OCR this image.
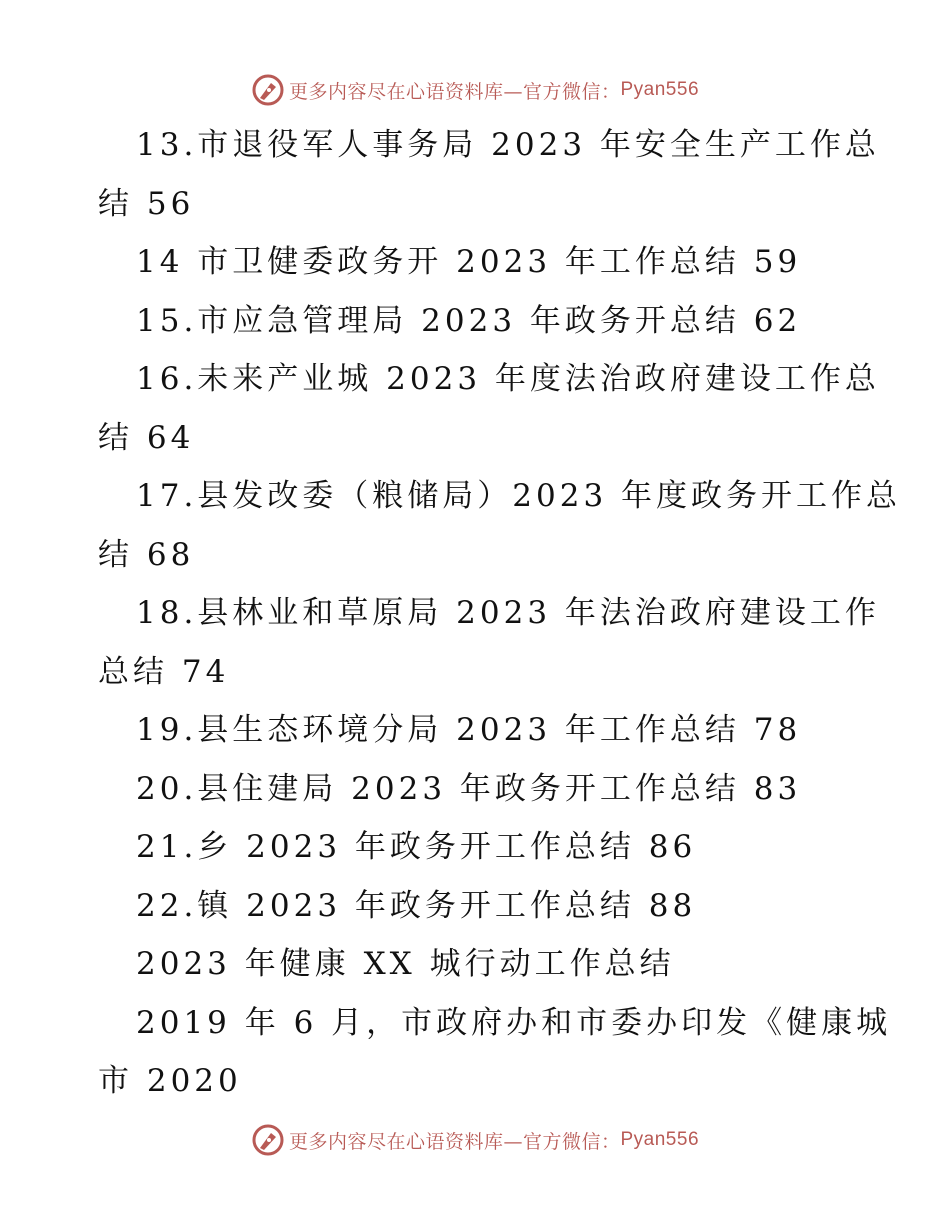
更多内容尽在心语资料库—官方微信： Pyan556
13.市退役军人事务局 2023 年安全生产工作总
结 56
14 市卫健委政务开 2023 年工作总结 59
15.市应急管理局 2023 年政务开总结 62
16.未来产业城 2023 年度法治政府建设工作总
结 64
17.县发改委（粮储局）2023 年度政务开工作总
结 68
18.县林业和草原局 2023 年法治政府建设工作
总结 74
19.县生态环境分局 2023 年工作总结 78
20.县住建局 2023 年政务开工作总结 83
21.乡 2023 年政务开工作总结 86
22.镇 2023 年政务开工作总结 88
2023 年健康 XX 城行动工作总结
2019 年 6 月，市政府办和市委办印发《健康城
市 2020
更多内容尽在心语资料库—官方微信： Pyan556
